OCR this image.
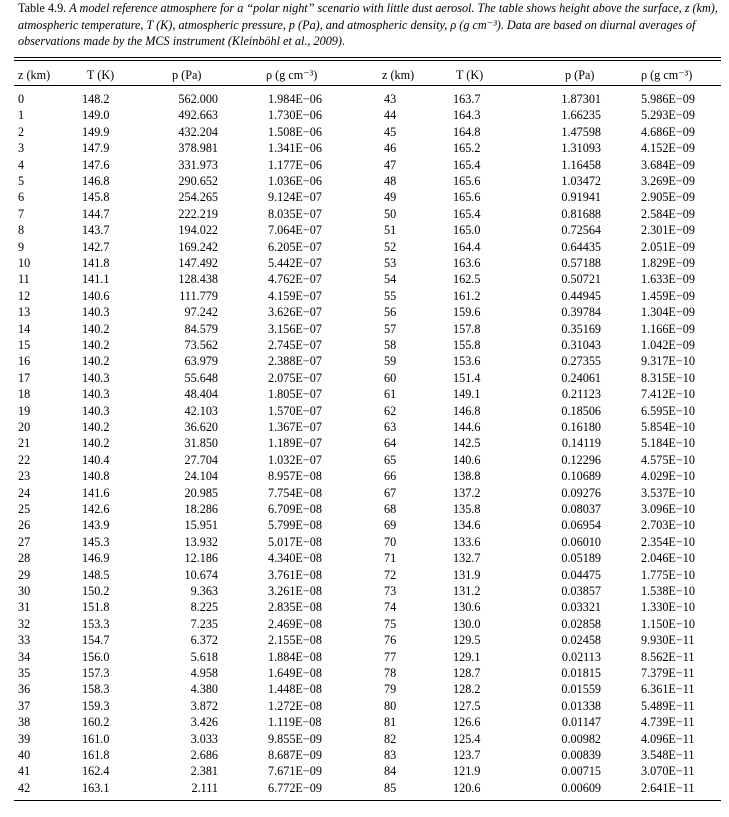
Table 4.9. A model reference atmosphere for a “polar night” scenario with little dust aerosol. The table shows height above the surface, z (km), atmospheric temperature, T (K), atmospheric pressure, p (Pa), and atmospheric density, ρ (g cm⁻³). Data are based on diurnal averages of observations made by the MCS instrument (Kleinböhl et al., 2009).
z (km)	T (K)	p (Pa)	ρ (g cm⁻³)	z (km)	T (K)	p (Pa)	ρ (g cm⁻³)
0	148.2	562.000	1.984E−06	43	163.7	1.87301	5.986E−09
1	149.0	492.663	1.730E−06	44	164.3	1.66235	5.293E−09
2	149.9	432.204	1.508E−06	45	164.8	1.47598	4.686E−09
3	147.9	378.981	1.341E−06	46	165.2	1.31093	4.152E−09
4	147.6	331.973	1.177E−06	47	165.4	1.16458	3.684E−09
5	146.8	290.652	1.036E−06	48	165.6	1.03472	3.269E−09
6	145.8	254.265	9.124E−07	49	165.6	0.91941	2.905E−09
7	144.7	222.219	8.035E−07	50	165.4	0.81688	2.584E−09
8	143.7	194.022	7.064E−07	51	165.0	0.72564	2.301E−09
9	142.7	169.242	6.205E−07	52	164.4	0.64435	2.051E−09
10	141.8	147.492	5.442E−07	53	163.6	0.57188	1.829E−09
11	141.1	128.438	4.762E−07	54	162.5	0.50721	1.633E−09
12	140.6	111.779	4.159E−07	55	161.2	0.44945	1.459E−09
13	140.3	97.242	3.626E−07	56	159.6	0.39784	1.304E−09
14	140.2	84.579	3.156E−07	57	157.8	0.35169	1.166E−09
15	140.2	73.562	2.745E−07	58	155.8	0.31043	1.042E−09
16	140.2	63.979	2.388E−07	59	153.6	0.27355	9.317E−10
17	140.3	55.648	2.075E−07	60	151.4	0.24061	8.315E−10
18	140.3	48.404	1.805E−07	61	149.1	0.21123	7.412E−10
19	140.3	42.103	1.570E−07	62	146.8	0.18506	6.595E−10
20	140.2	36.620	1.367E−07	63	144.6	0.16180	5.854E−10
21	140.2	31.850	1.189E−07	64	142.5	0.14119	5.184E−10
22	140.4	27.704	1.032E−07	65	140.6	0.12296	4.575E−10
23	140.8	24.104	8.957E−08	66	138.8	0.10689	4.029E−10
24	141.6	20.985	7.754E−08	67	137.2	0.09276	3.537E−10
25	142.6	18.286	6.709E−08	68	135.8	0.08037	3.096E−10
26	143.9	15.951	5.799E−08	69	134.6	0.06954	2.703E−10
27	145.3	13.932	5.017E−08	70	133.6	0.06010	2.354E−10
28	146.9	12.186	4.340E−08	71	132.7	0.05189	2.046E−10
29	148.5	10.674	3.761E−08	72	131.9	0.04475	1.775E−10
30	150.2	9.363	3.261E−08	73	131.2	0.03857	1.538E−10
31	151.8	8.225	2.835E−08	74	130.6	0.03321	1.330E−10
32	153.3	7.235	2.469E−08	75	130.0	0.02858	1.150E−10
33	154.7	6.372	2.155E−08	76	129.5	0.02458	9.930E−11
34	156.0	5.618	1.884E−08	77	129.1	0.02113	8.562E−11
35	157.3	4.958	1.649E−08	78	128.7	0.01815	7.379E−11
36	158.3	4.380	1.448E−08	79	128.2	0.01559	6.361E−11
37	159.3	3.872	1.272E−08	80	127.5	0.01338	5.489E−11
38	160.2	3.426	1.119E−08	81	126.6	0.01147	4.739E−11
39	161.0	3.033	9.855E−09	82	125.4	0.00982	4.096E−11
40	161.8	2.686	8.687E−09	83	123.7	0.00839	3.548E−11
41	162.4	2.381	7.671E−09	84	121.9	0.00715	3.070E−11
42	163.1	2.111	6.772E−09	85	120.6	0.00609	2.641E−11
